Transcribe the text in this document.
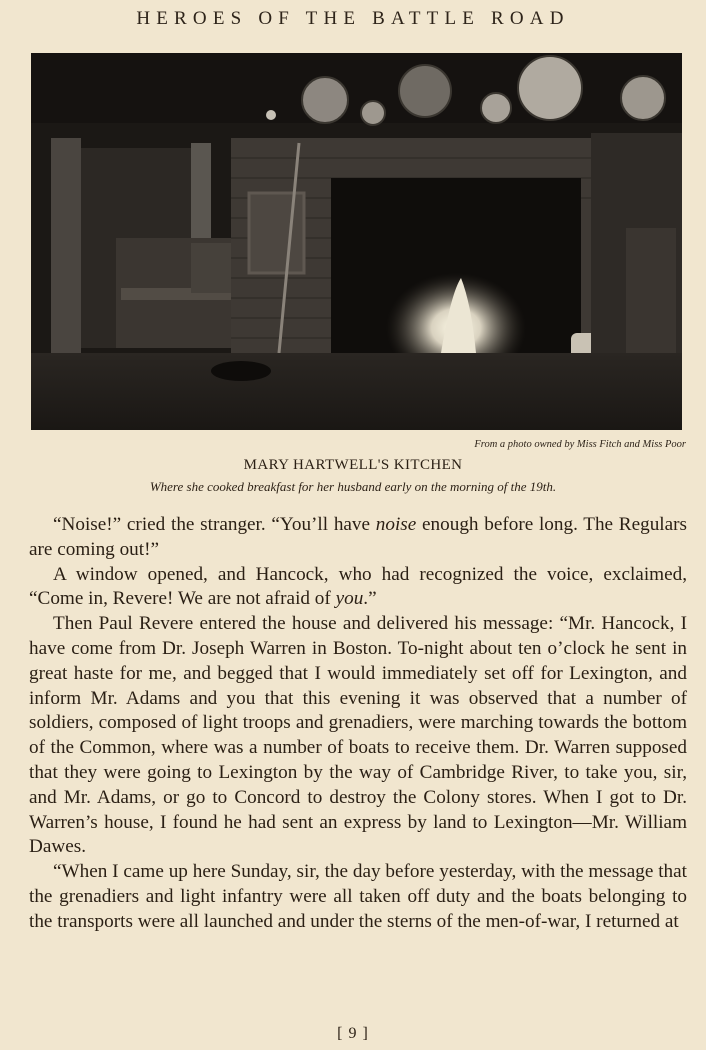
HEROES OF THE BATTLE ROAD
From a photo owned by Miss Fitch and Miss Poor
MARY HARTWELL'S KITCHEN
Where she cooked breakfast for her husband early on the morning of the 19th.

“Noise!” cried the stranger. “You’ll have noise enough before long. The Regulars are coming out!”

A window opened, and Hancock, who had recognized the voice, exclaimed, “Come in, Revere! We are not afraid of you.”

Then Paul Revere entered the house and delivered his message: “Mr. Hancock, I have come from Dr. Joseph Warren in Boston. To-night about ten o’clock he sent in great haste for me, and begged that I would immediately set off for Lexington, and inform Mr. Adams and you that this evening it was observed that a number of soldiers, composed of light troops and grenadiers, were marching towards the bottom of the Common, where was a number of boats to receive them. Dr. Warren supposed that they were going to Lexington by the way of Cambridge River, to take you, sir, and Mr. Adams, or go to Concord to destroy the Colony stores. When I got to Dr. Warren’s house, I found he had sent an express by land to Lexington—Mr. William Dawes.

“When I came up here Sunday, sir, the day before yesterday, with the message that the grenadiers and light infantry were all taken off duty and the boats belonging to the transports were all launched and under the sterns of the men-of-war, I returned at

[ 9 ]
